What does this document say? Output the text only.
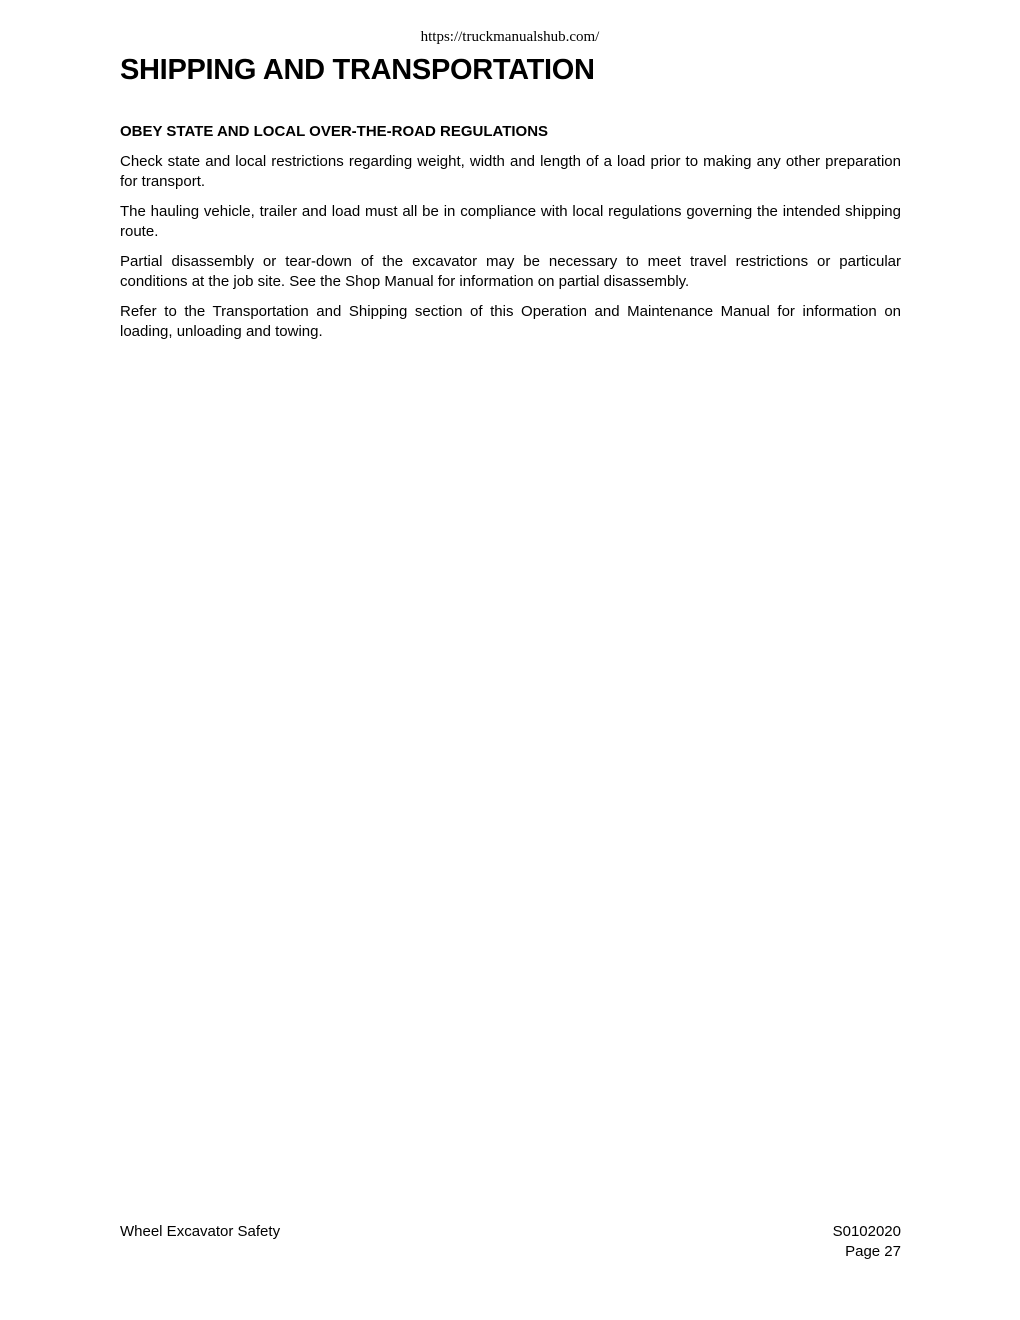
https://truckmanualshub.com/
SHIPPING AND TRANSPORTATION
OBEY STATE AND LOCAL OVER-THE-ROAD REGULATIONS

Check state and local restrictions regarding weight, width and length of a load prior to making any other preparation for transport.

The hauling vehicle, trailer and load must all be in compliance with local regulations governing the intended shipping route.

Partial disassembly or tear-down of the excavator may be necessary to meet travel restrictions or particular conditions at the job site. See the Shop Manual for information on partial disassembly.

Refer to the Transportation and Shipping section of this Operation and Maintenance Manual for information on loading, unloading and towing.

Wheel Excavator Safety	S0102020
Page 27
